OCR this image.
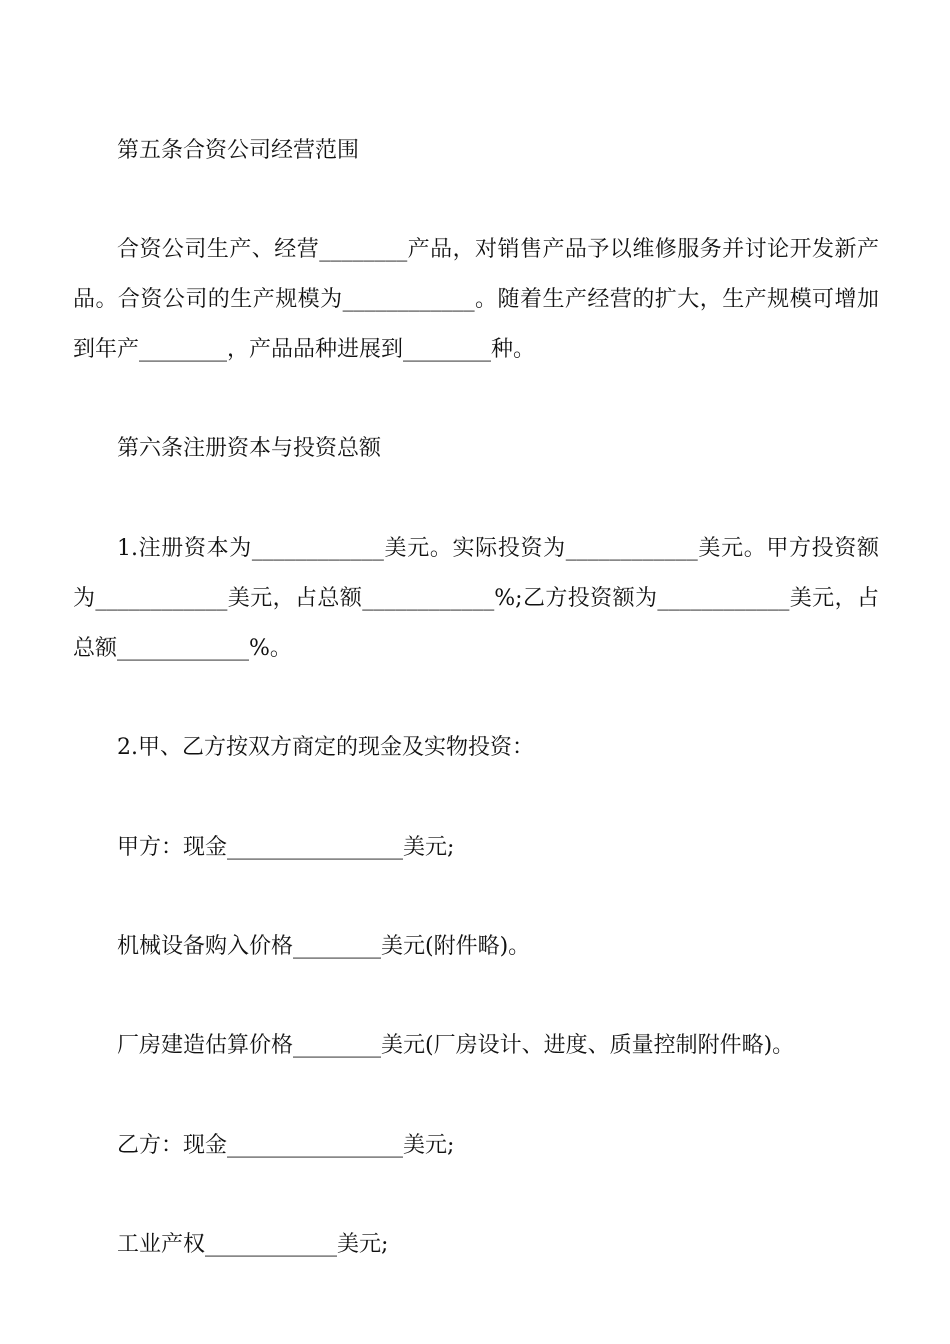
第五条合资公司经营范围

合资公司生产、经营________产品，对销售产品予以维修服务并讨论开发新产品。合资公司的生产规模为____________。随着生产经营的扩大，生产规模可增加到年产________，产品品种进展到________种。

第六条注册资本与投资总额

1.注册资本为____________美元。实际投资为____________美元。甲方投资额为____________美元，占总额____________%;乙方投资额为____________美元，占总额____________%。

2.甲、乙方按双方商定的现金及实物投资：

甲方：现金________________美元;

机械设备购入价格________美元(附件略)。

厂房建造估算价格________美元(厂房设计、进度、质量控制附件略)。

乙方：现金________________美元;

工业产权____________美元;
